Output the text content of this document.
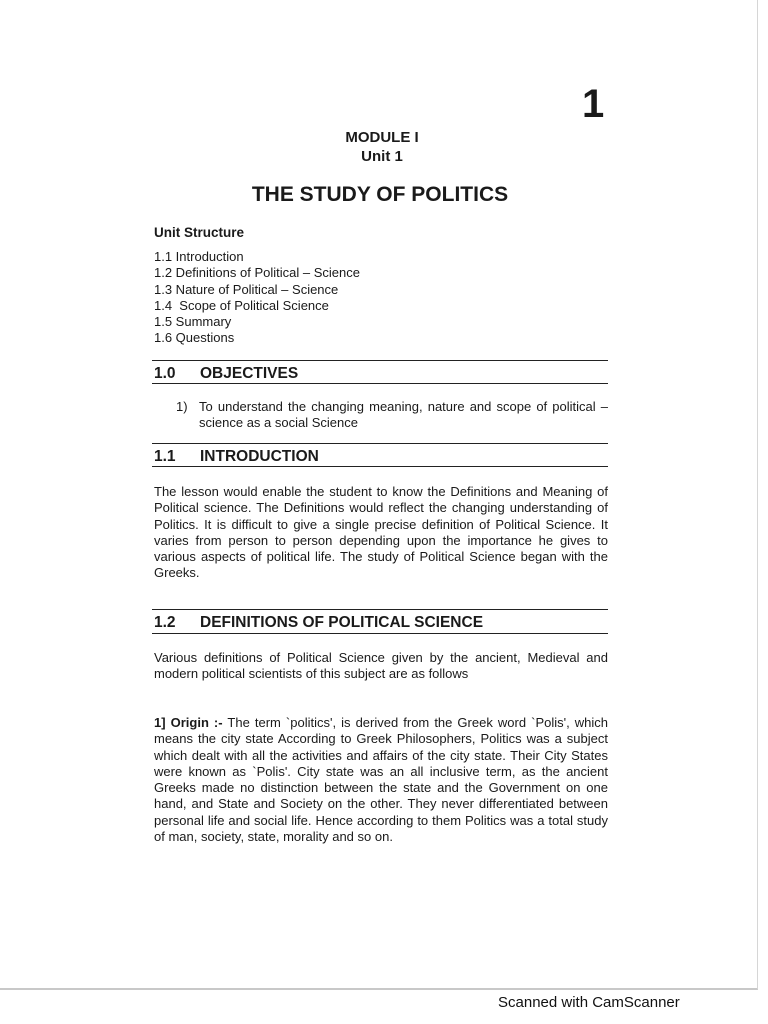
1
MODULE I
Unit 1
THE STUDY OF POLITICS
Unit Structure
1.1 Introduction
1.2 Definitions of Political – Science
1.3 Nature of Political – Science
1.4  Scope of Political Science
1.5 Summary
1.6 Questions
1.0 OBJECTIVES
1) To understand the changing meaning, nature and scope of political – science as a social Science
1.1 INTRODUCTION

The lesson would enable the student to know the Definitions and Meaning of Political science. The Definitions would reflect the changing understanding of Politics. It is difficult to give a single precise definition of Political Science. It varies from person to person depending upon the importance he gives to various aspects of political life. The study of Political Science began with the Greeks.

1.2 DEFINITIONS OF POLITICAL SCIENCE

Various definitions of Political Science given by the ancient, Medieval and modern political scientists of this subject are as follows

1] Origin :- The term `politics', is derived from the Greek word `Polis', which means the city state According to Greek Philosophers, Politics was a subject which dealt with all the activities and affairs of the city state. Their City States were known as `Polis'. City state was an all inclusive term, as the ancient Greeks made no distinction between the state and the Government on one hand, and State and Society on the other. They never differentiated between personal life and social life. Hence according to them Politics was a total study of man, society, state, morality and so on.

Scanned with CamScanner
